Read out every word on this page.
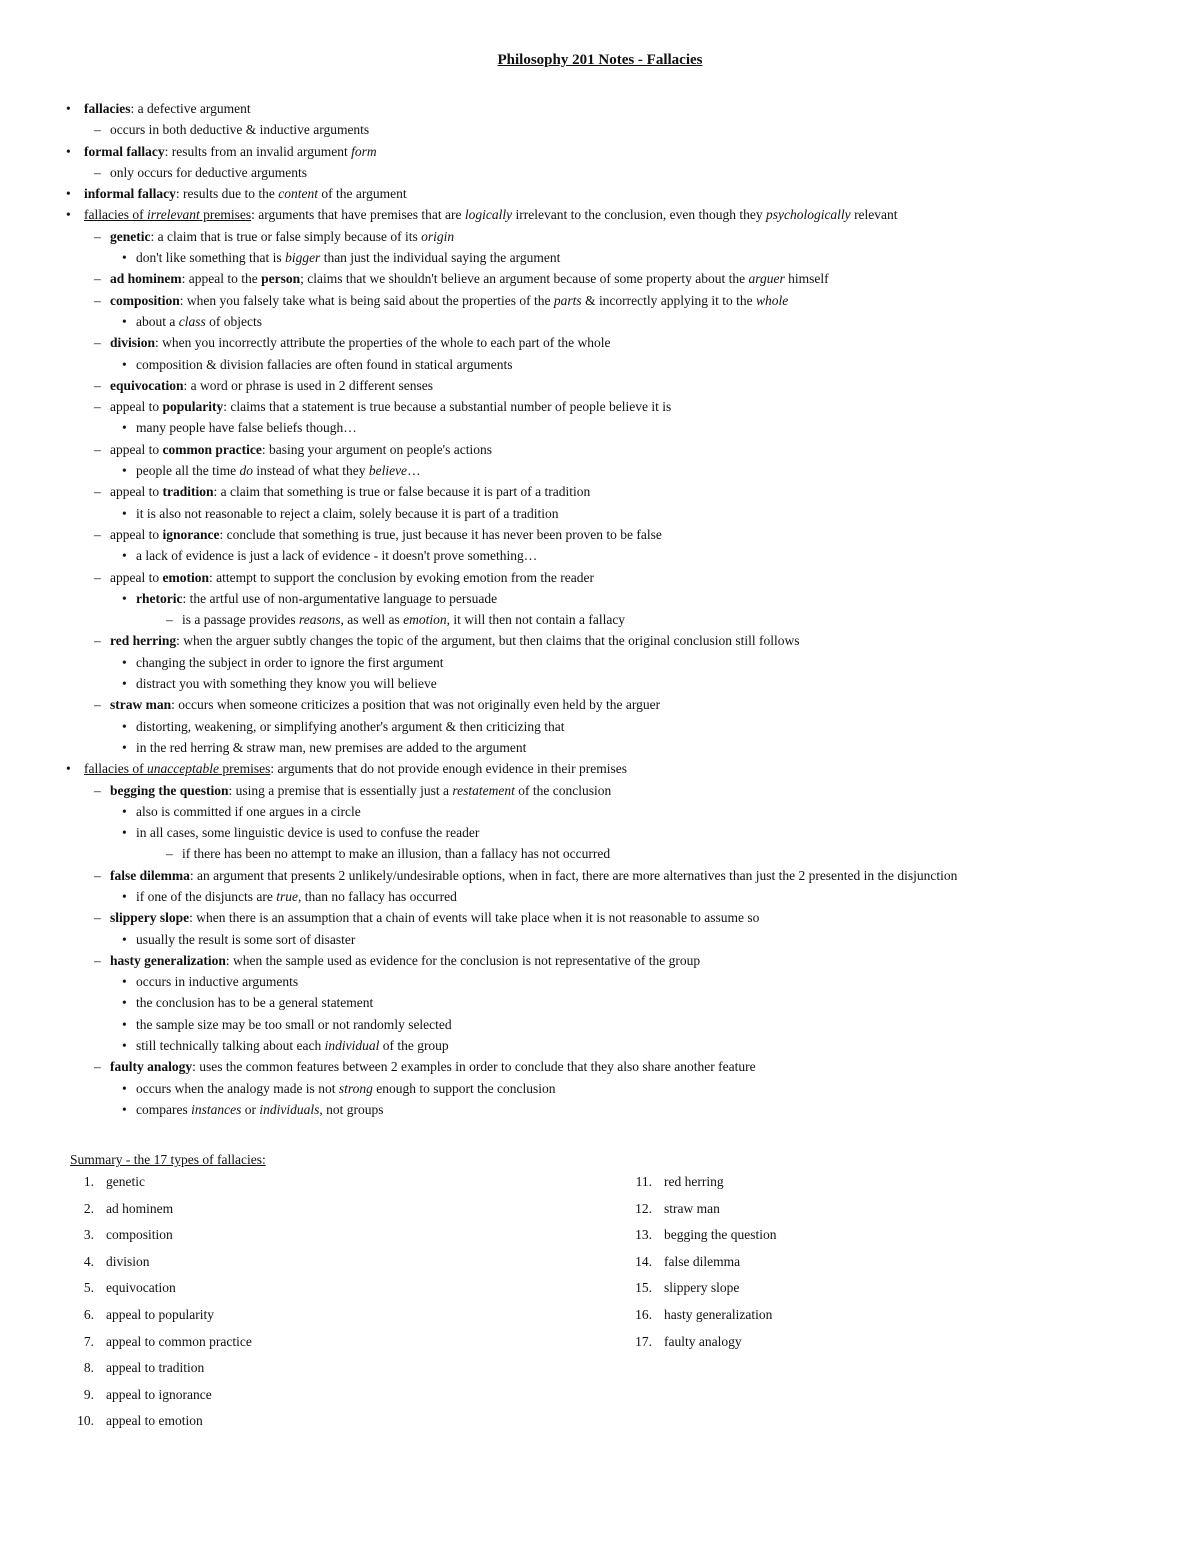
Philosophy 201 Notes - Fallacies
• fallacies: a defective argument
– occurs in both deductive & inductive arguments
• formal fallacy: results from an invalid argument form
– only occurs for deductive arguments
• informal fallacy: results due to the content of the argument
• fallacies of irrelevant premises: arguments that have premises that are logically irrelevant to the conclusion, even though they psychologically relevant
– genetic: a claim that is true or false simply because of its origin
• don't like something that is bigger than just the individual saying the argument
– ad hominem: appeal to the person; claims that we shouldn't believe an argument because of some property about the arguer himself
– composition: when you falsely take what is being said about the properties of the parts & incorrectly applying it to the whole
• about a class of objects
– division: when you incorrectly attribute the properties of the whole to each part of the whole
• composition & division fallacies are often found in statical arguments
– equivocation: a word or phrase is used in 2 different senses
– appeal to popularity: claims that a statement is true because a substantial number of people believe it is
• many people have false beliefs though…
– appeal to common practice: basing your argument on people's actions
• people all the time do instead of what they believe…
– appeal to tradition: a claim that something is true or false because it is part of a tradition
• it is also not reasonable to reject a claim, solely because it is part of a tradition
– appeal to ignorance: conclude that something is true, just because it has never been proven to be false
• a lack of evidence is just a lack of evidence - it doesn't prove something…
– appeal to emotion: attempt to support the conclusion by evoking emotion from the reader
• rhetoric: the artful use of non-argumentative language to persuade
– is a passage provides reasons, as well as emotion, it will then not contain a fallacy
– red herring: when the arguer subtly changes the topic of the argument, but then claims that the original conclusion still follows
• changing the subject in order to ignore the first argument
• distract you with something they know you will believe
– straw man: occurs when someone criticizes a position that was not originally even held by the arguer
• distorting, weakening, or simplifying another's argument & then criticizing that
• in the red herring & straw man, new premises are added to the argument
• fallacies of unacceptable premises: arguments that do not provide enough evidence in their premises
– begging the question: using a premise that is essentially just a restatement of the conclusion
• also is committed if one argues in a circle
• in all cases, some linguistic device is used to confuse the reader
– if there has been no attempt to make an illusion, than a fallacy has not occurred
– false dilemma: an argument that presents 2 unlikely/undesirable options, when in fact, there are more alternatives than just the 2 presented in the disjunction
• if one of the disjuncts are true, than no fallacy has occurred
– slippery slope: when there is an assumption that a chain of events will take place when it is not reasonable to assume so
• usually the result is some sort of disaster
– hasty generalization: when the sample used as evidence for the conclusion is not representative of the group
• occurs in inductive arguments
• the conclusion has to be a general statement
• the sample size may be too small or not randomly selected
• still technically talking about each individual of the group
– faulty analogy: uses the common features between 2 examples in order to conclude that they also share another feature
• occurs when the analogy made is not strong enough to support the conclusion
• compares instances or individuals, not groups
Summary - the 17 types of fallacies:
1. genetic
2. ad hominem
3. composition
4. division
5. equivocation
6. appeal to popularity
7. appeal to common practice
8. appeal to tradition
9. appeal to ignorance
10. appeal to emotion
11. red herring
12. straw man
13. begging the question
14. false dilemma
15. slippery slope
16. hasty generalization
17. faulty analogy
